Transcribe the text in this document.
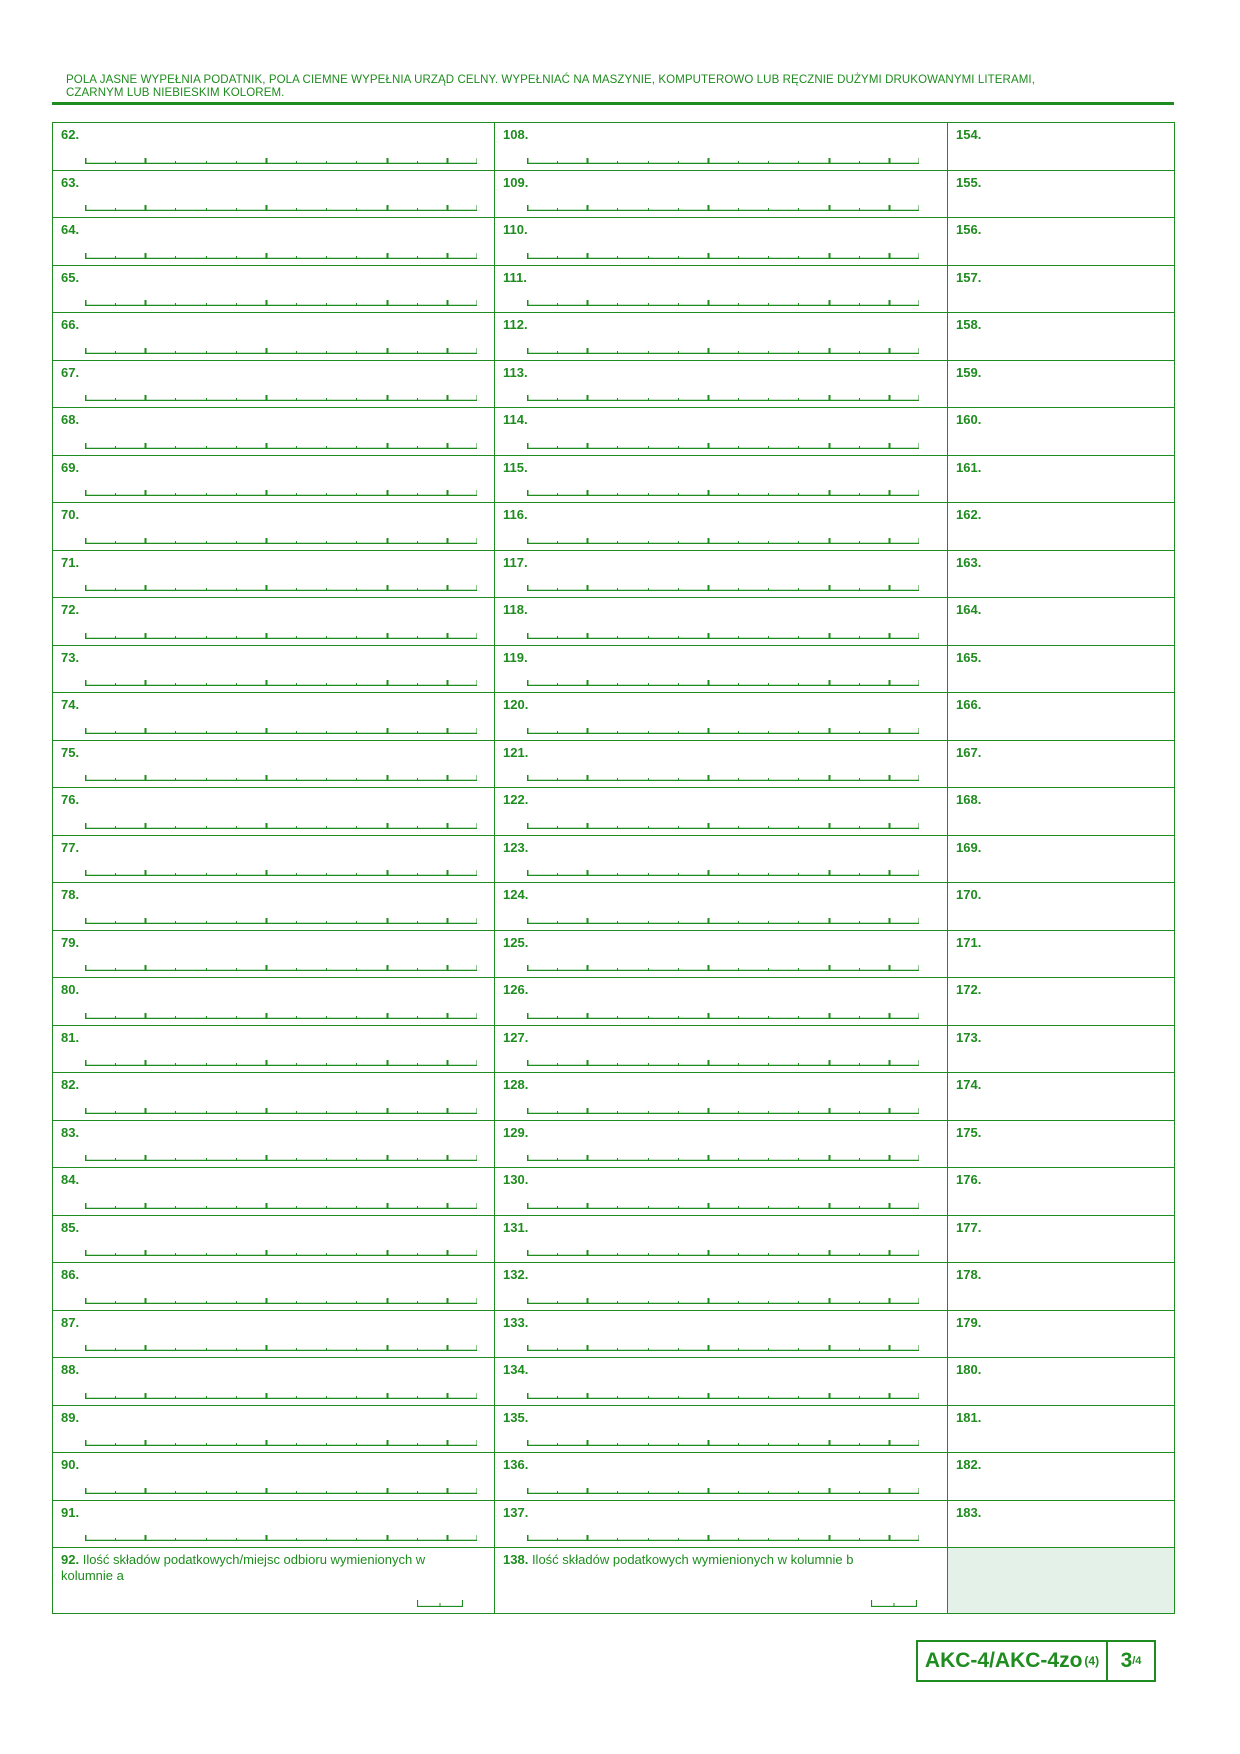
POLA JASNE WYPEŁNIA PODATNIK, POLA CIEMNE WYPEŁNIA URZĄD CELNY. WYPEŁNIAĆ NA MASZYNIE, KOMPUTEROWO LUB RĘCZNIE DUŻYMI DRUKOWANYMI LITERAMI,
CZARNYM LUB NIEBIESKIM KOLOREM.
62.	108.	154.

63.	109.	155.

64.	110.	156.

65.	111.	157.

66.	112.	158.

67.	113.	159.

68.	114.	160.

69.	115.	161.

70.	116.	162.

71.	117.	163.

72.	118.	164.

73.	119.	165.

74.	120.	166.

75.	121.	167.

76.	122.	168.

77.	123.	169.

78.	124.	170.

79.	125.	171.

80.	126.	172.

81.	127.	173.

82.	128.	174.

83.	129.	175.

84.	130.	176.

85.	131.	177.

86.	132.	178.

87.	133.	179.

88.	134.	180.

89.	135.	181.

90.	136.	182.

91.	137.	183.

92. Ilość składów podatkowych/miejsc odbioru wymienionych w kolumnie a	138. Ilość składów podatkowych wymienionych w kolumnie b	

AKC-4/AKC-4zo (4) 3 /4
